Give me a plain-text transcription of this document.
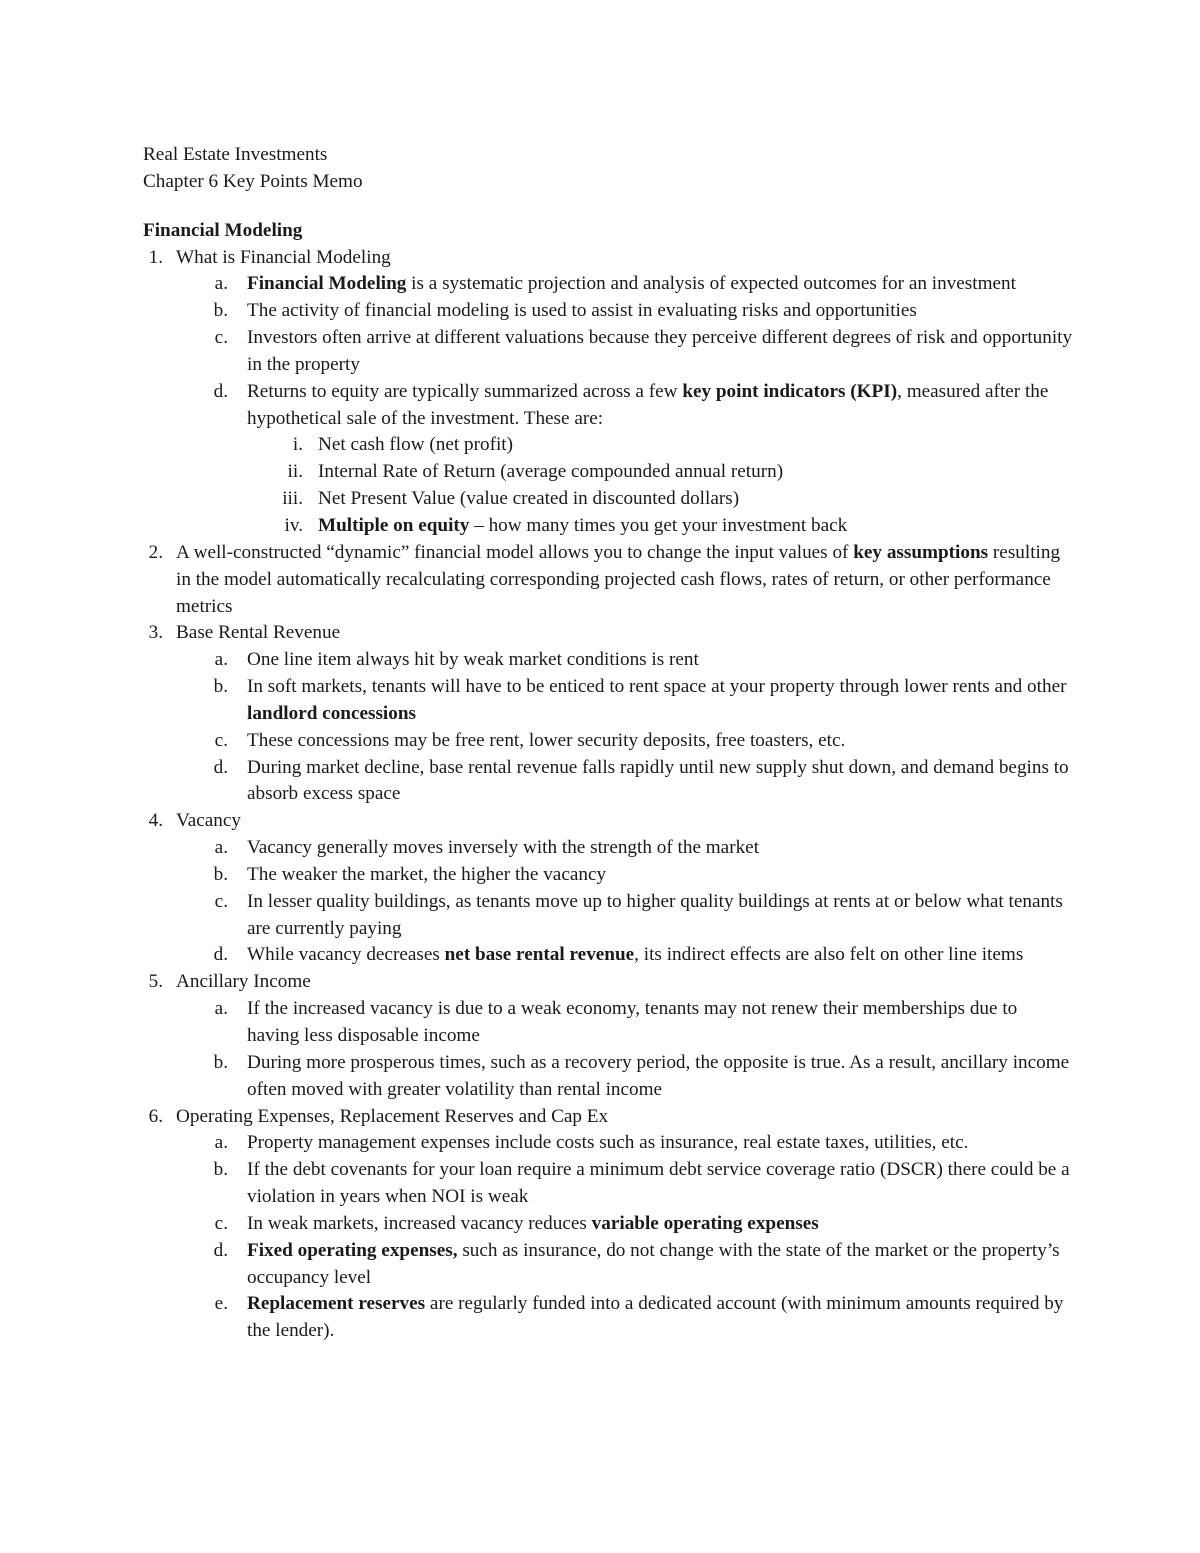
Real Estate Investments
Chapter 6 Key Points Memo
Financial Modeling
1. What is Financial Modeling
a. Financial Modeling is a systematic projection and analysis of expected outcomes for an investment
b. The activity of financial modeling is used to assist in evaluating risks and opportunities
c. Investors often arrive at different valuations because they perceive different degrees of risk and opportunity in the property
d. Returns to equity are typically summarized across a few key point indicators (KPI), measured after the hypothetical sale of the investment. These are:
i. Net cash flow (net profit)
ii. Internal Rate of Return (average compounded annual return)
iii. Net Present Value (value created in discounted dollars)
iv. Multiple on equity – how many times you get your investment back
2. A well-constructed “dynamic” financial model allows you to change the input values of key assumptions resulting in the model automatically recalculating corresponding projected cash flows, rates of return, or other performance metrics
3. Base Rental Revenue
a. One line item always hit by weak market conditions is rent
b. In soft markets, tenants will have to be enticed to rent space at your property through lower rents and other landlord concessions
c. These concessions may be free rent, lower security deposits, free toasters, etc.
d. During market decline, base rental revenue falls rapidly until new supply shut down, and demand begins to absorb excess space
4. Vacancy
a. Vacancy generally moves inversely with the strength of the market
b. The weaker the market, the higher the vacancy
c. In lesser quality buildings, as tenants move up to higher quality buildings at rents at or below what tenants are currently paying
d. While vacancy decreases net base rental revenue, its indirect effects are also felt on other line items
5. Ancillary Income
a. If the increased vacancy is due to a weak economy, tenants may not renew their memberships due to having less disposable income
b. During more prosperous times, such as a recovery period, the opposite is true. As a result, ancillary income often moved with greater volatility than rental income
6. Operating Expenses, Replacement Reserves and Cap Ex
a. Property management expenses include costs such as insurance, real estate taxes, utilities, etc.
b. If the debt covenants for your loan require a minimum debt service coverage ratio (DSCR) there could be a violation in years when NOI is weak
c. In weak markets, increased vacancy reduces variable operating expenses
d. Fixed operating expenses, such as insurance, do not change with the state of the market or the property’s occupancy level
e. Replacement reserves are regularly funded into a dedicated account (with minimum amounts required by the lender).
